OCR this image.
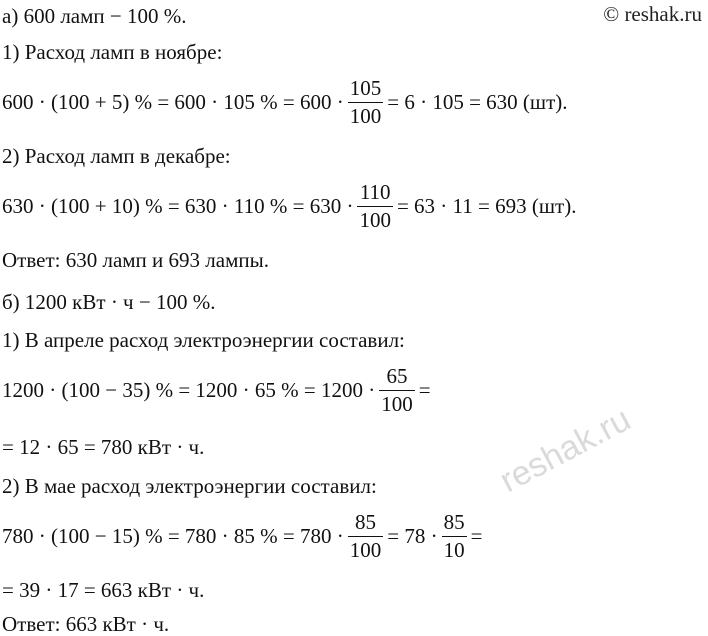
© reshak.ru
а) 600 ламп − 100 %.
1) Расход ламп в ноябре:
600 · (100 + 5) % = 600 · 105 % = $600 \cdot \frac{105}{100} = 6 \cdot 105 = 630$ (шт).
2) Расход ламп в декабре:
630 · (100 + 10) % = 630 · 110 % = $630 \cdot \frac{110}{100} = 63 \cdot 11 = 693$ (шт).
Ответ: 630 ламп и 693 лампы.
б) 1200 кВт · ч − 100 %.
1) В апреле расход электроэнергии составил:
1200 · (100 − 35) % = 1200 · 65 % = $1200 \cdot \frac{65}{100}$ =
= 12 · 65 = 780 кВт · ч.
2) В мае расход электроэнергии составил:
780 · (100 − 15) % = 780 · 85 % = $780 \cdot \frac{85}{100} = 78 \cdot \frac{85}{10}$ =
= 39 · 17 = 663 кВт · ч.
Ответ: 663 кВт · ч.
reshak.ru
